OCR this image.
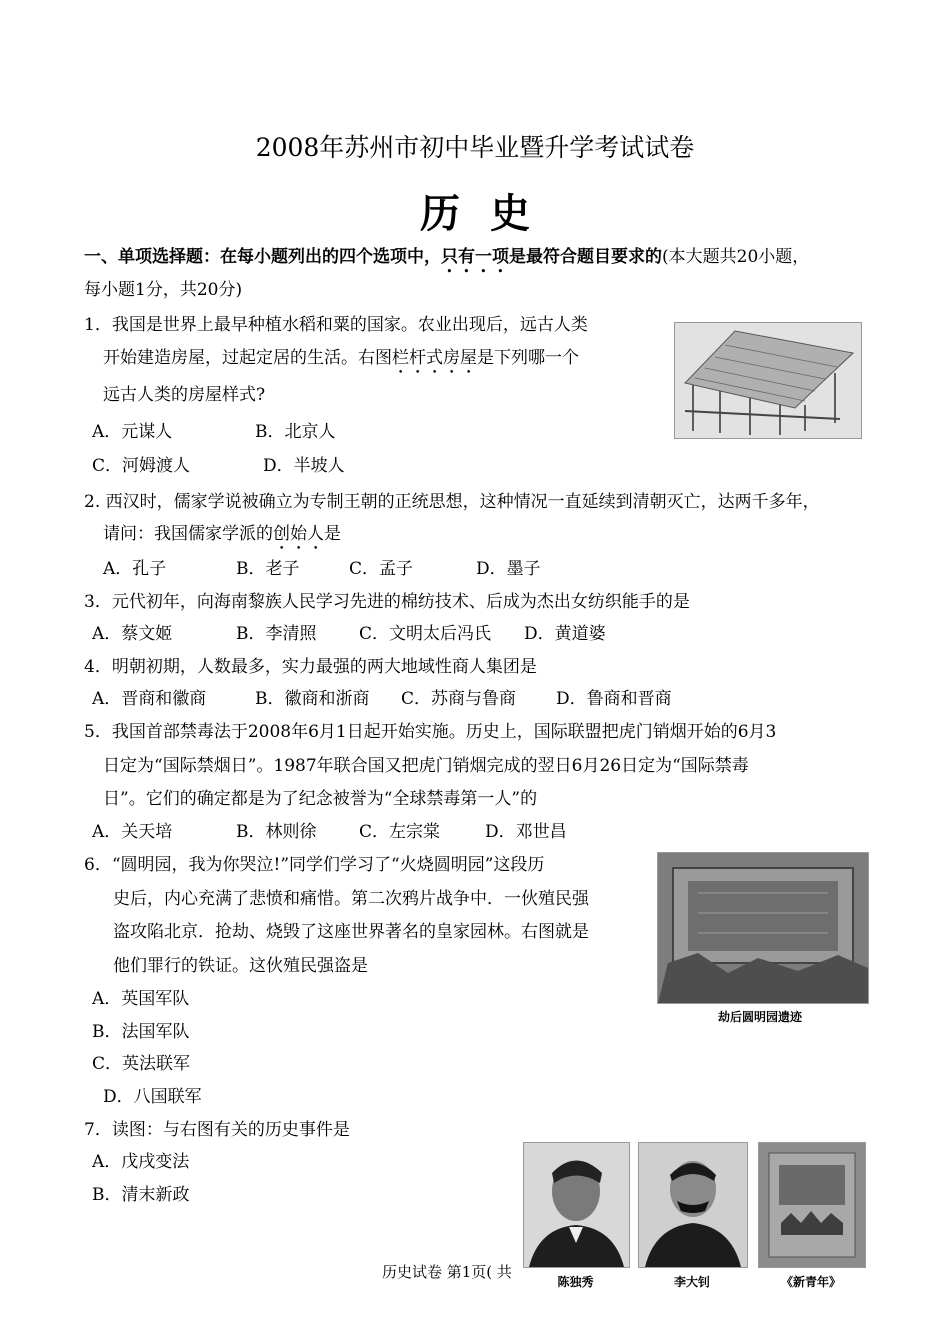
2008年苏州市初中毕业暨升学考试试卷
历史
一、单项选择题：在每小题列出的四个选项中，只有一项是最符合题目要求的(本大题共20小题，
每小题1分，共20分)
1．我国是世界上最早种植水稻和粟的国家。农业出现后，远古人类
开始建造房屋，过起定居的生活。右图栏杆式房屋是下列哪一个
远古人类的房屋样式?
A．元谋人	B．北京人
C．河姆渡人	D．半坡人
2. 西汉时，儒家学说被确立为专制王朝的正统思想，这种情况一直延续到清朝灭亡，达两千多年，
请问：我国儒家学派的创始人是
A．孔子	B．老子	C．孟子	D．墨子
3．元代初年，向海南黎族人民学习先进的棉纺技术、后成为杰出女纺织能手的是
A．蔡文姬	B．李清照	C．文明太后冯氏 D．黄道婆
4．明朝初期，人数最多，实力最强的两大地域性商人集团是
A．晋商和徽商	B．徽商和浙商 C．苏商与鲁商 D．鲁商和晋商
5．我国首部禁毒法于2008年6月1日起开始实施。历史上，国际联盟把虎门销烟开始的6月3
日定为“国际禁烟日”。1987年联合国又把虎门销烟完成的翌日6月26日定为“国际禁毒
日”。它们的确定都是为了纪念被誉为“全球禁毒第一人”的
A．关天培	B．林则徐	C．左宗棠	D．邓世昌
6．“圆明园，我为你哭泣!”同学们学习了“火烧圆明园”这段历
史后，内心充满了悲愤和痛惜。第二次鸦片战争中．一伙殖民强
盗攻陷北京．抢劫、烧毁了这座世界著名的皇家园林。右图就是
他们罪行的铁证。这伙殖民强盗是
A．英国军队
B．法国军队
C．英法联军
D．八国联军
劫后圆明园遗迹
7．读图：与右图有关的历史事件是
A．戊戌变法
B．清末新政
历史试卷 第1页( 共
陈独秀	李大钊	《新青年》
